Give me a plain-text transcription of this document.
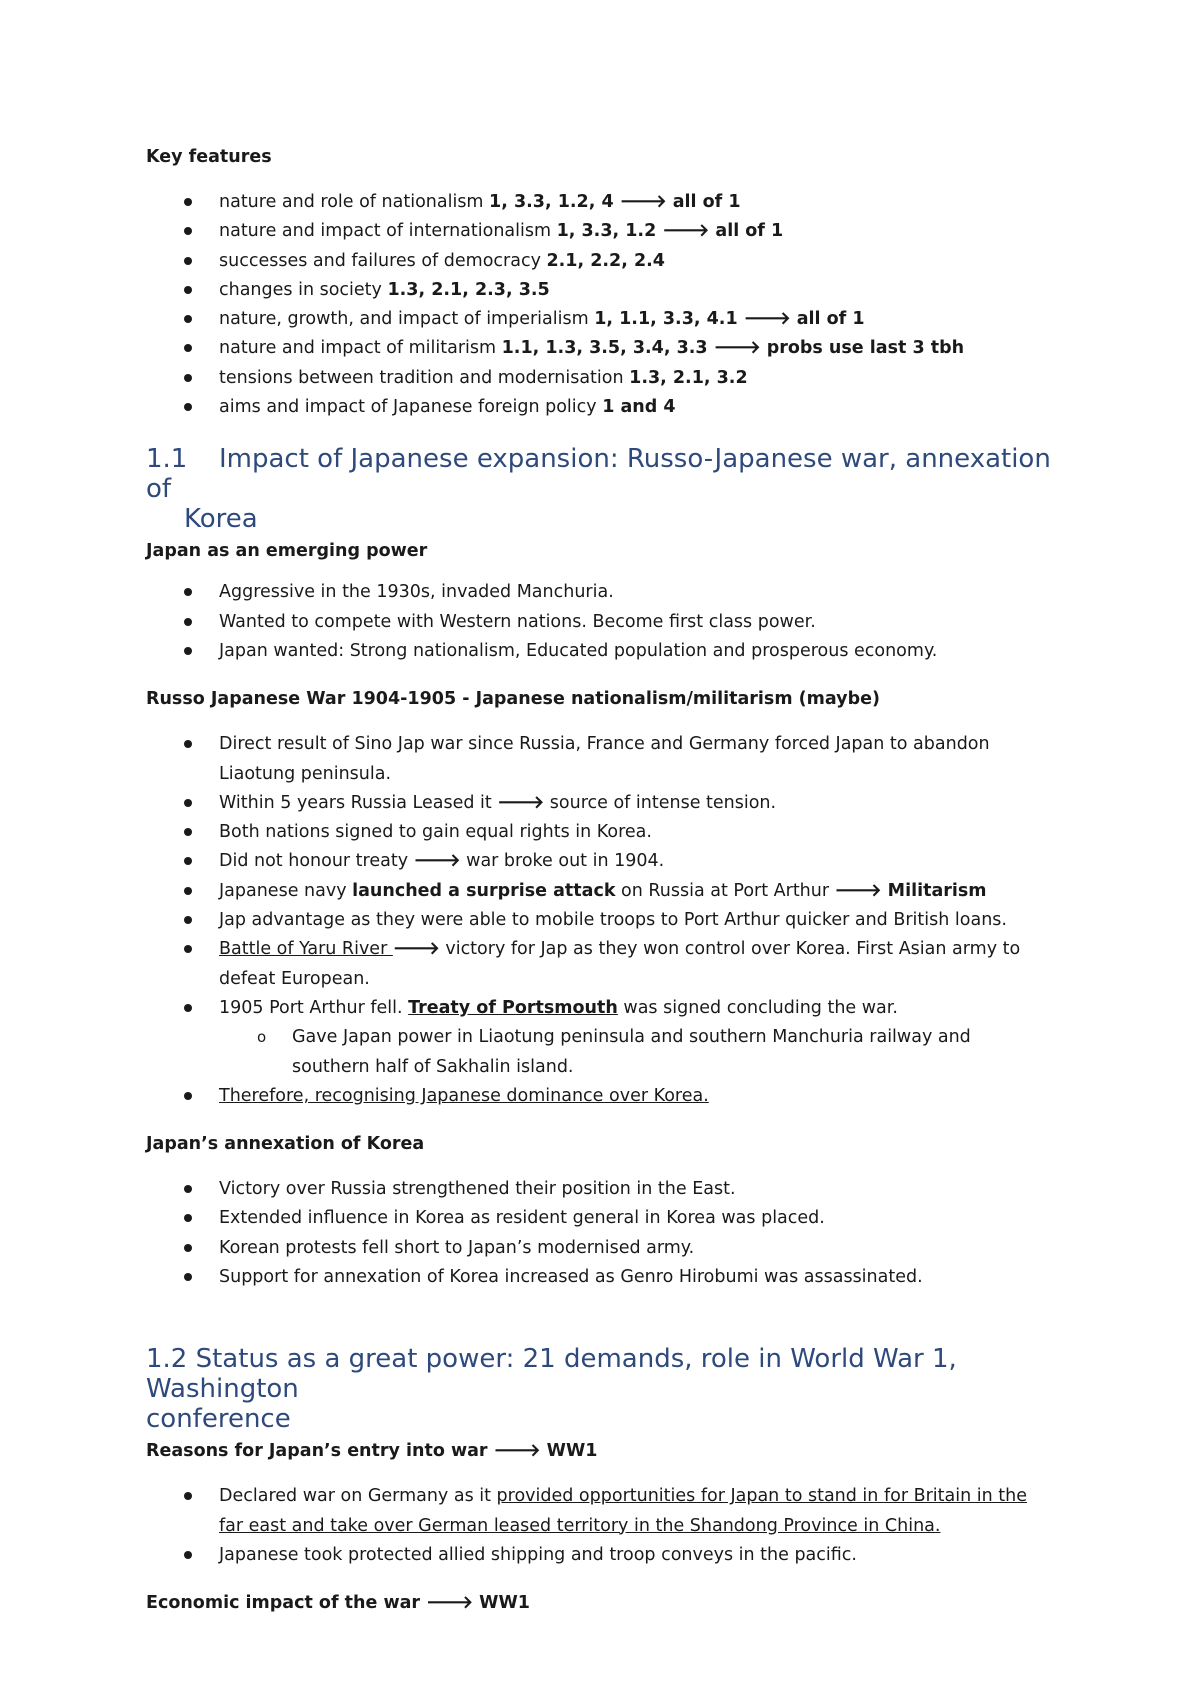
Key features

nature and role of nationalism 1, 3.3, 1.2, 4 🡒 all of 1
nature and impact of internationalism 1, 3.3, 1.2 🡒 all of 1
successes and failures of democracy 2.1, 2.2, 2.4
changes in society 1.3, 2.1, 2.3, 3.5
nature, growth, and impact of imperialism 1, 1.1, 3.3, 4.1 🡒 all of 1
nature and impact of militarism 1.1, 1.3, 3.5, 3.4, 3.3 🡒 probs use last 3 tbh
tensions between tradition and modernisation 1.3, 2.1, 3.2
aims and impact of Japanese foreign policy 1 and 4
1.1 Impact of Japanese expansion: Russo-Japanese war, annexation of
Korea

Japan as an emerging power

Aggressive in the 1930s, invaded Manchuria.
Wanted to compete with Western nations. Become first class power.
Japan wanted: Strong nationalism, Educated population and prosperous economy.

Russo Japanese War 1904-1905 - Japanese nationalism/militarism (maybe)

Direct result of Sino Jap war since Russia, France and Germany forced Japan to abandon
Liaotung peninsula.
Within 5 years Russia Leased it 🡒 source of intense tension.
Both nations signed to gain equal rights in Korea.
Did not honour treaty 🡒 war broke out in 1904.
Japanese navy launched a surprise attack on Russia at Port Arthur 🡒 Militarism
Jap advantage as they were able to mobile troops to Port Arthur quicker and British loans.
Battle of Yaru River 🡒 victory for Jap as they won control over Korea. First Asian army to
defeat European.
1905 Port Arthur fell. Treaty of Portsmouth was signed concluding the war.
o Gave Japan power in Liaotung peninsula and southern Manchuria railway and
southern half of Sakhalin island.
Therefore, recognising Japanese dominance over Korea.

Japan’s annexation of Korea

Victory over Russia strengthened their position in the East.
Extended influence in Korea as resident general in Korea was placed.
Korean protests fell short to Japan’s modernised army.
Support for annexation of Korea increased as Genro Hirobumi was assassinated.
1.2 Status as a great power: 21 demands, role in World War 1, Washington
conference

Reasons for Japan’s entry into war 🡒 WW1

Declared war on Germany as it provided opportunities for Japan to stand in for Britain in the
far east and take over German leased territory in the Shandong Province in China.
Japanese took protected allied shipping and troop conveys in the pacific.

Economic impact of the war 🡒 WW1
